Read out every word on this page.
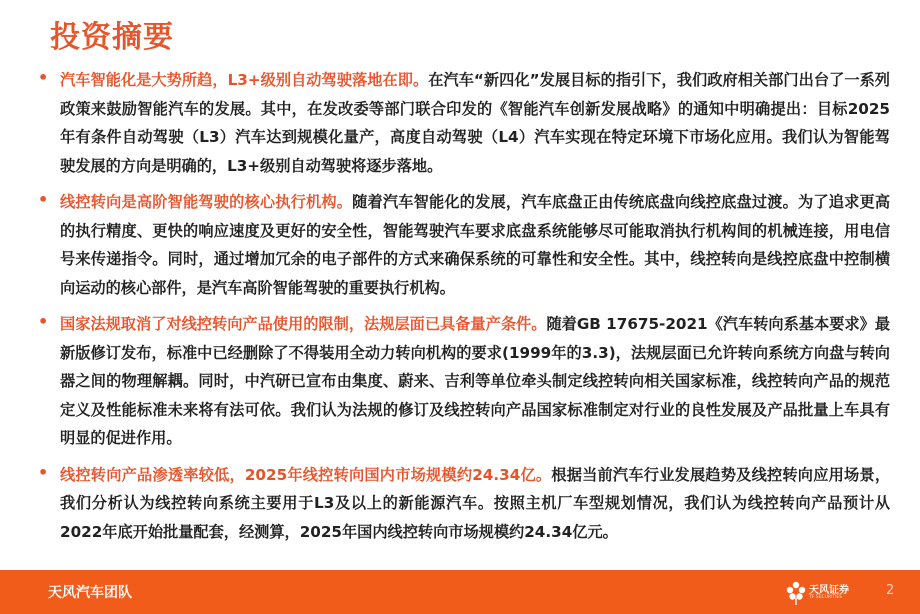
投资摘要
• 汽车智能化是大势所趋，L3+级别自动驾驶落地在即。在汽车“新四化”发展目标的指引下，我们政府相关部门出台了一系列政策来鼓励智能汽车的发展。其中，在发改委等部门联合印发的《智能汽车创新发展战略》的通知中明确提出：目标2025年有条件自动驾驶（L3）汽车达到规模化量产，高度自动驾驶（L4）汽车实现在特定环境下市场化应用。我们认为智能驾驶发展的方向是明确的，L3+级别自动驾驶将逐步落地。
• 线控转向是高阶智能驾驶的核心执行机构。随着汽车智能化的发展，汽车底盘正由传统底盘向线控底盘过渡。为了追求更高的执行精度、更快的响应速度及更好的安全性，智能驾驶汽车要求底盘系统能够尽可能取消执行机构间的机械连接，用电信号来传递指令。同时，通过增加冗余的电子部件的方式来确保系统的可靠性和安全性。其中，线控转向是线控底盘中控制横向运动的核心部件，是汽车高阶智能驾驶的重要执行机构。
• 国家法规取消了对线控转向产品使用的限制，法规层面已具备量产条件。随着GB 17675-2021《汽车转向系基本要求》最新版修订发布，标准中已经删除了不得装用全动力转向机构的要求(1999年的3.3)，法规层面已允许转向系统方向盘与转向器之间的物理解耦。同时，中汽研已宣布由集度、蔚来、吉利等单位牵头制定线控转向相关国家标准，线控转向产品的规范定义及性能标准未来将有法可依。我们认为法规的修订及线控转向产品国家标准制定对行业的良性发展及产品批量上车具有明显的促进作用。
• 线控转向产品渗透率较低，2025年线控转向国内市场规模约24.34亿。根据当前汽车行业发展趋势及线控转向应用场景，我们分析认为线控转向系统主要用于L3及以上的新能源汽车。按照主机厂车型规划情况，我们认为线控转向产品预计从2022年底开始批量配套，经测算，2025年国内线控转向市场规模约24.34亿元。
天风汽车团队	天风证券
TF SECURITIES	2
